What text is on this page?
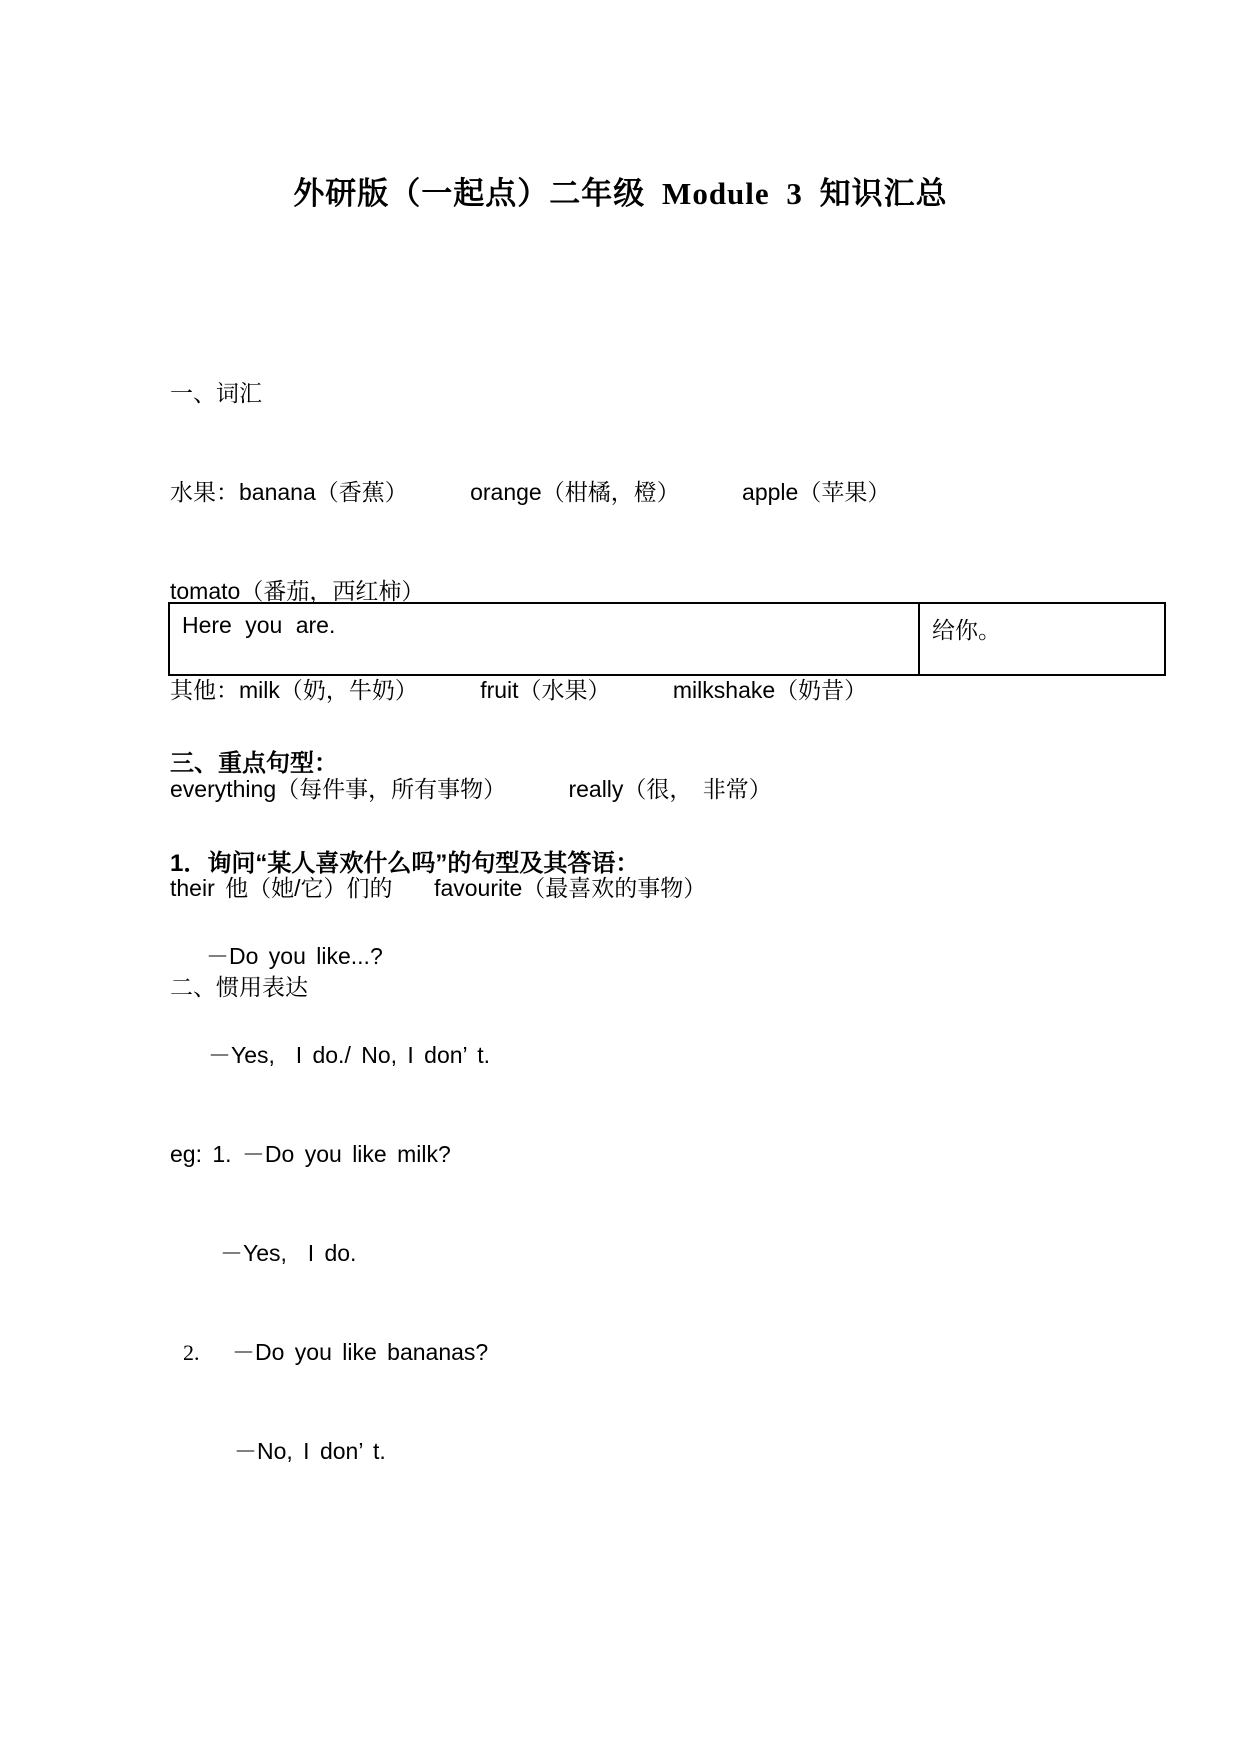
外研版（一起点）二年级 Module 3 知识汇总

一、词汇

水果：banana（香蕉）      orange（柑橘，橙）      apple（苹果）

tomato（番茄，西红柿）

其他：milk（奶，牛奶）      fruit（水果）      milkshake（奶昔）

everything（每件事，所有事物）      really（很， 非常）

their 他（她/它）们的    favourite（最喜欢的事物）

二、惯用表达

Here you are.	给你。
三、重点句型：
1．询问“某人喜欢什么吗”的句型及其答语：

－Do you like...?

－Yes,  I do./ No, I don’ t.

eg: 1. －Do you like milk?

－Yes,  I do.

2. －Do you like bananas?

－No, I don’ t.
